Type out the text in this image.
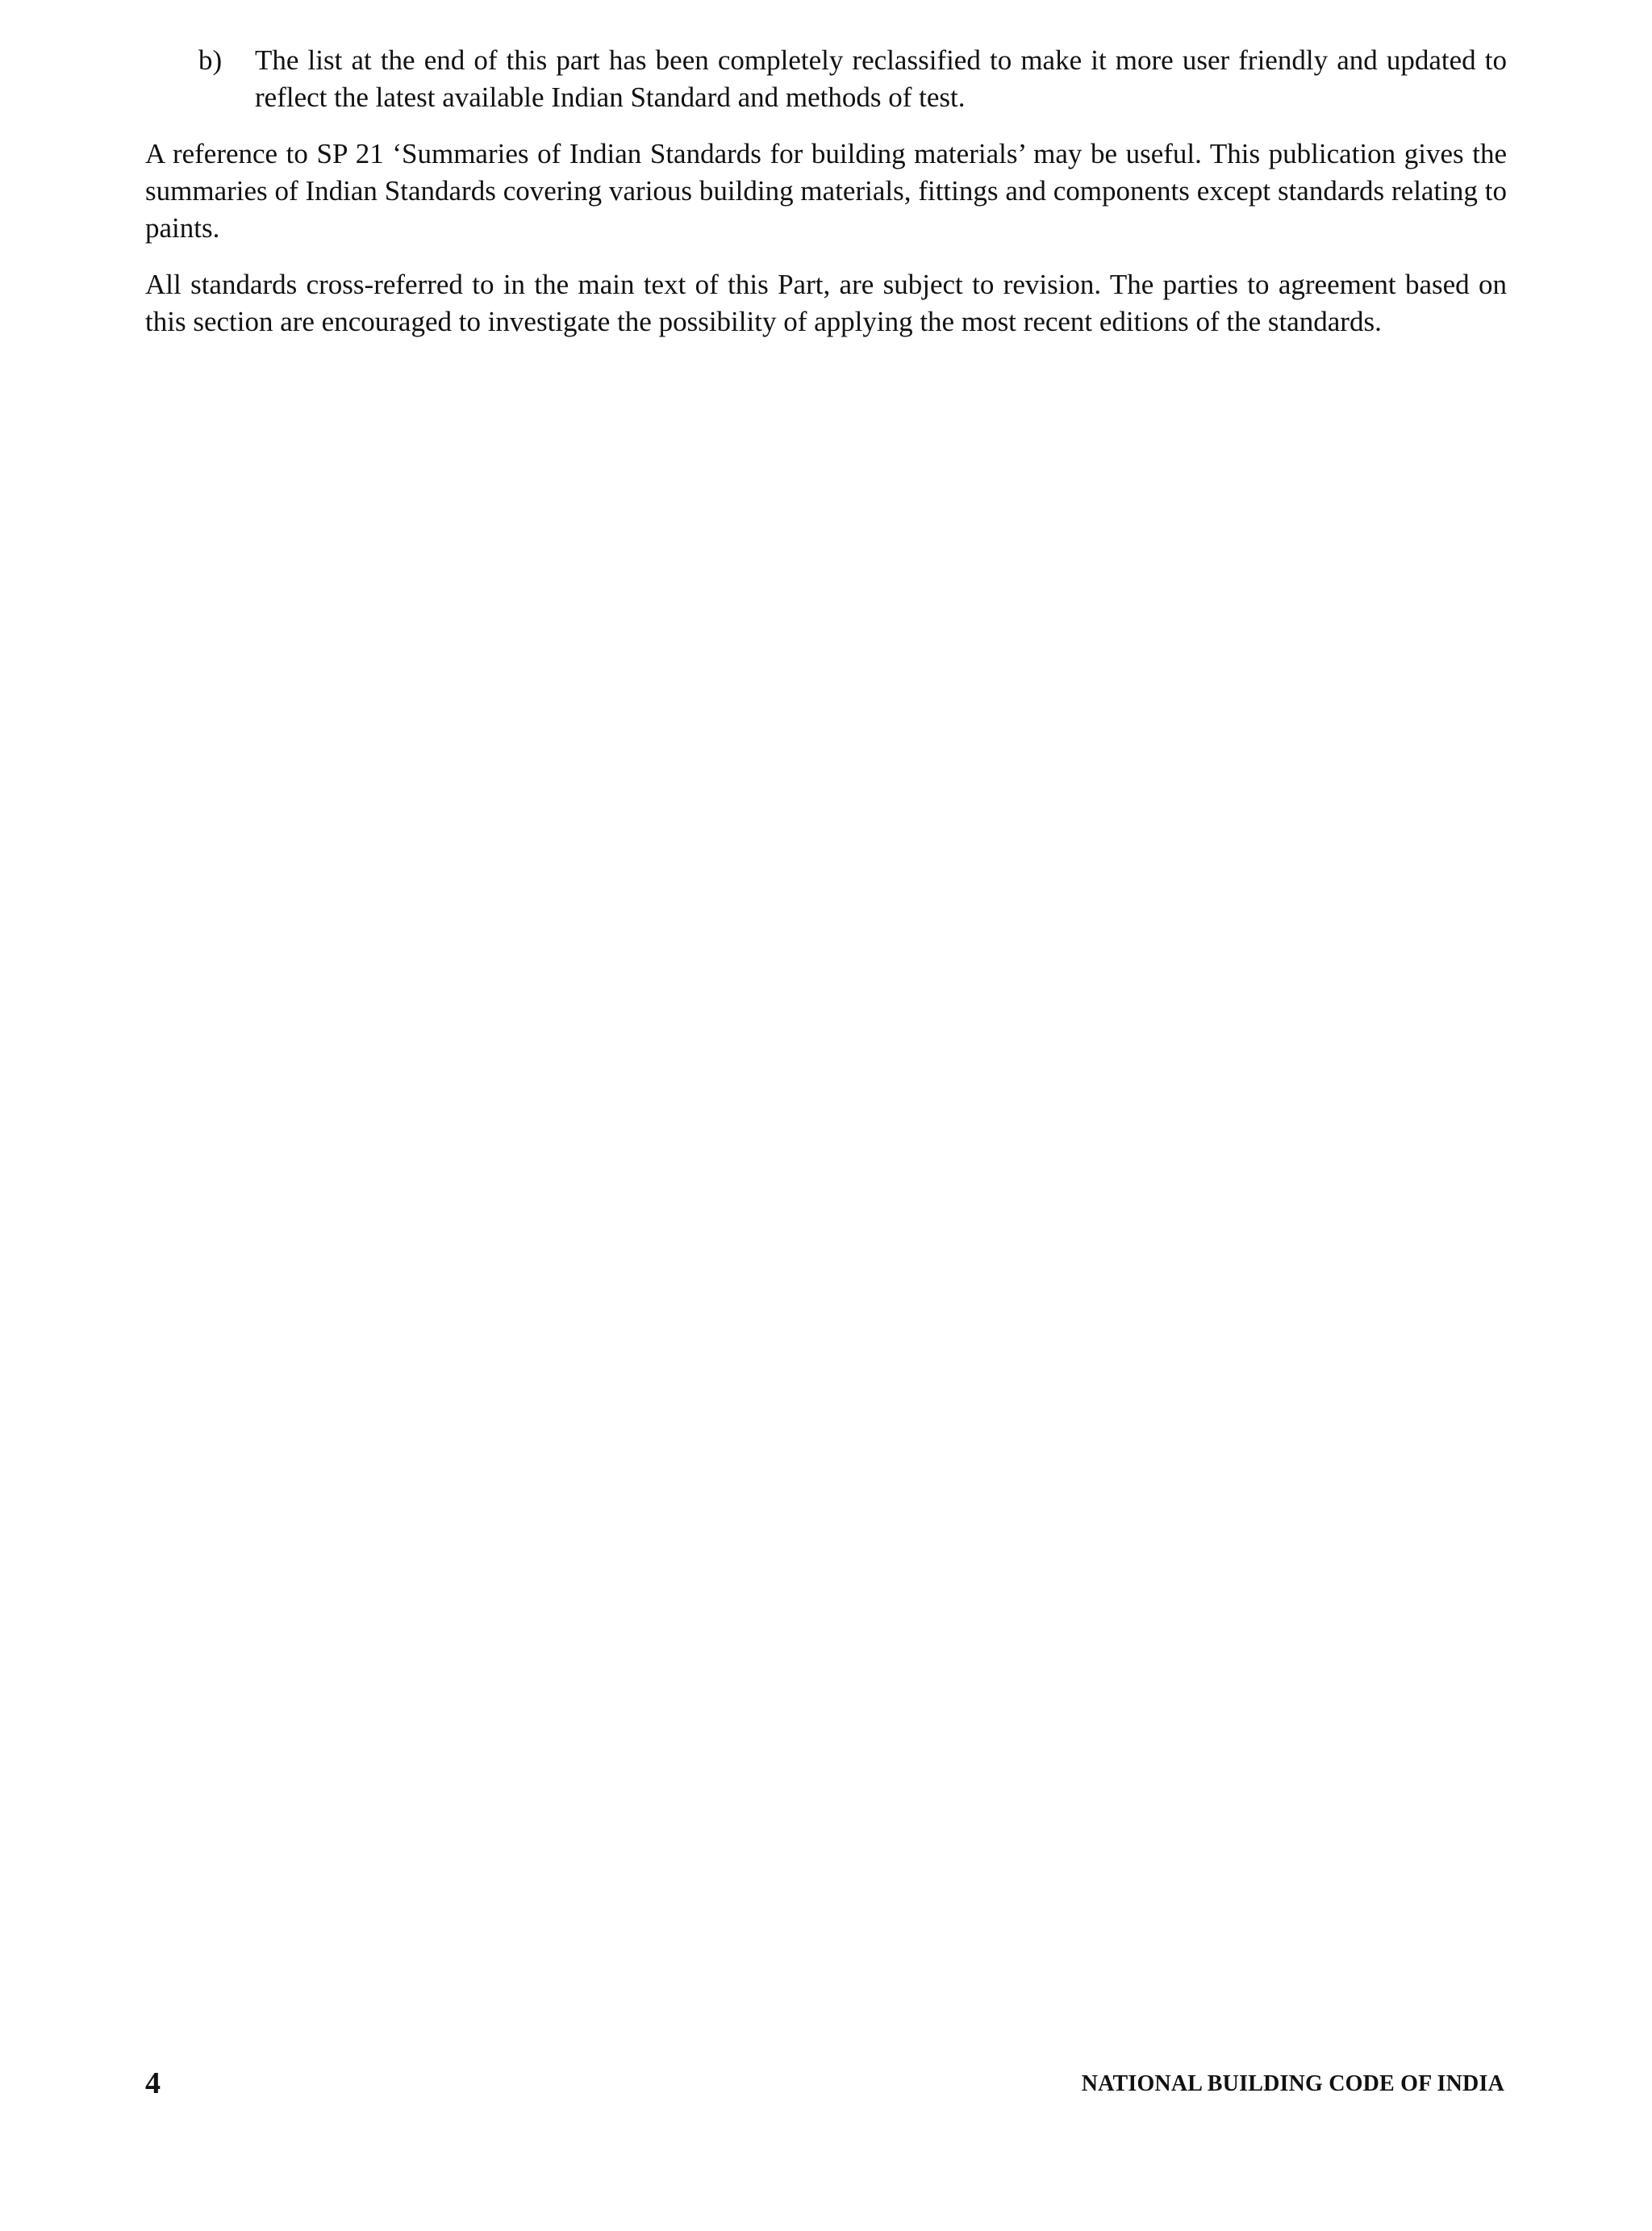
b)	The list at the end of this part has been completely reclassified to make it more user friendly and updated to reflect the latest available Indian Standard and methods of test.

A reference to SP 21 ‘Summaries of Indian Standards for building materials’ may be useful. This publication gives the summaries of Indian Standards covering various building materials, fittings and components except standards relating to paints.

All standards cross-referred to in the main text of this Part, are subject to revision. The parties to agreement based on this section are encouraged to investigate the possibility of applying the most recent editions of the standards.

4	NATIONAL BUILDING CODE OF INDIA
